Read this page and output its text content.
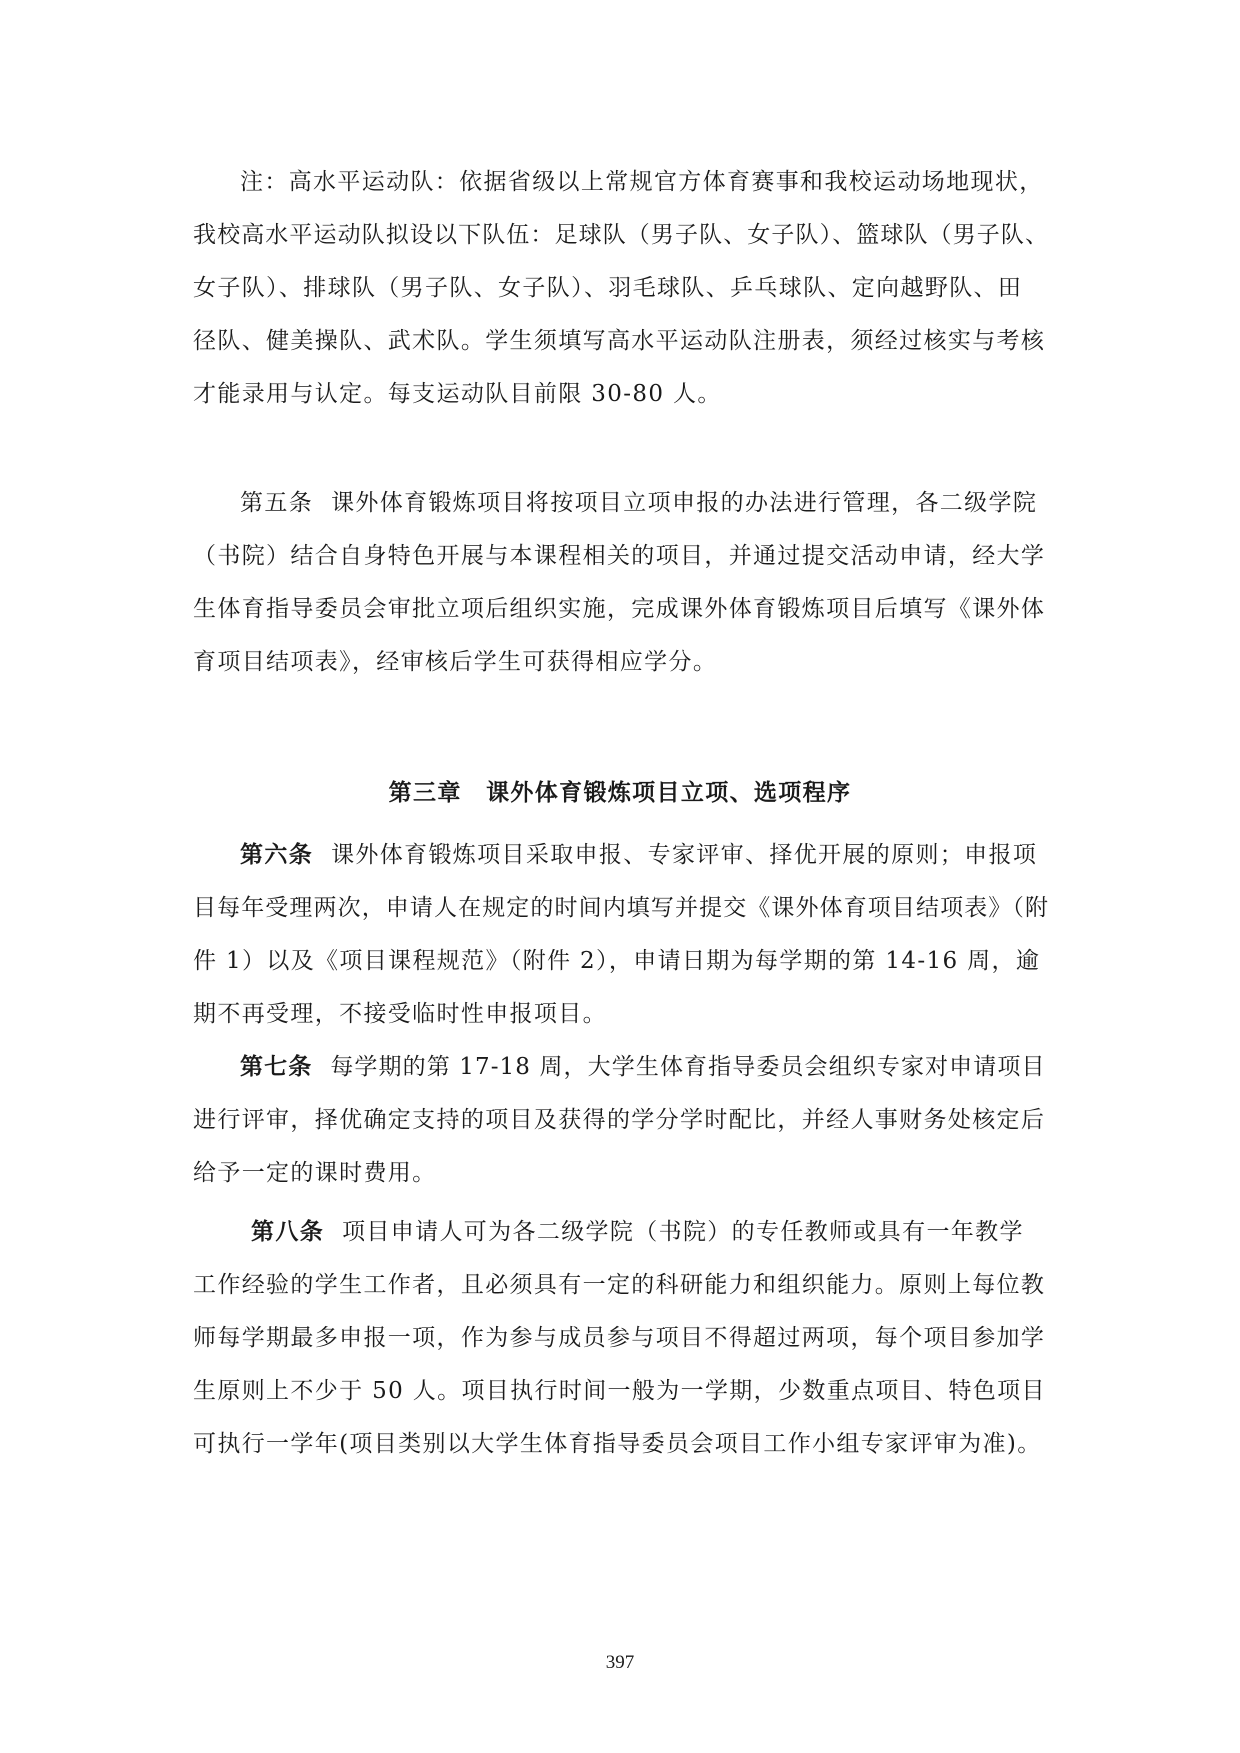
注：高水平运动队：依据省级以上常规官方体育赛事和我校运动场地现状，
我校高水平运动队拟设以下队伍：足球队（男子队、女子队）、篮球队（男子队、
女子队）、排球队（男子队、女子队）、羽毛球队、乒乓球队、定向越野队、田
径队、健美操队、武术队。学生须填写高水平运动队注册表，须经过核实与考核
才能录用与认定。每支运动队目前限 30-80 人。
第五条 课外体育锻炼项目将按项目立项申报的办法进行管理，各二级学院
（书院）结合自身特色开展与本课程相关的项目，并通过提交活动申请，经大学
生体育指导委员会审批立项后组织实施，完成课外体育锻炼项目后填写《课外体
育项目结项表》，经审核后学生可获得相应学分。
第三章　课外体育锻炼项目立项、选项程序
第六条 课外体育锻炼项目采取申报、专家评审、择优开展的原则；申报项
目每年受理两次，申请人在规定的时间内填写并提交《课外体育项目结项表》（附
件 1）以及《项目课程规范》（附件 2），申请日期为每学期的第 14-16 周，逾
期不再受理，不接受临时性申报项目。
第七条 每学期的第 17-18 周，大学生体育指导委员会组织专家对申请项目
进行评审，择优确定支持的项目及获得的学分学时配比，并经人事财务处核定后
给予一定的课时费用。
第八条 项目申请人可为各二级学院（书院）的专任教师或具有一年教学
工作经验的学生工作者，且必须具有一定的科研能力和组织能力。原则上每位教
师每学期最多申报一项，作为参与成员参与项目不得超过两项，每个项目参加学
生原则上不少于 50 人。项目执行时间一般为一学期，少数重点项目、特色项目
可执行一学年(项目类别以大学生体育指导委员会项目工作小组专家评审为准)。
397
